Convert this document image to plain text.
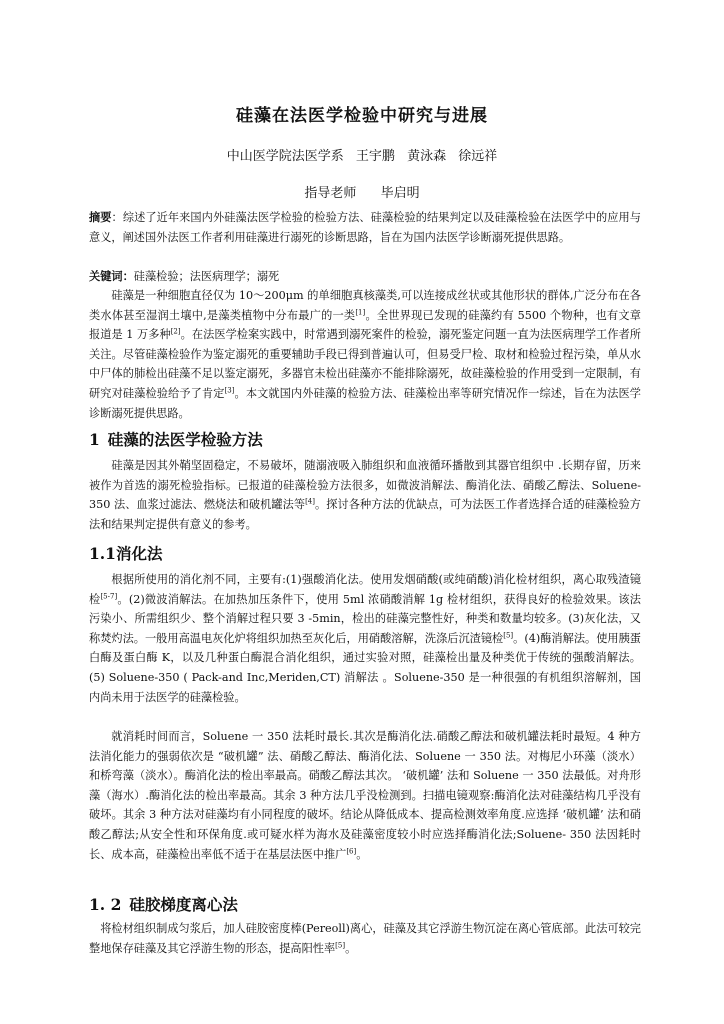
硅藻在法医学检验中研究与进展
中山医学院法医学系 王宇鹏 黄泳森 徐远祥
指导老师 毕启明
摘要：综述了近年来国内外硅藻法医学检验的检验方法、硅藻检验的结果判定以及硅藻检验在法医学中的应用与意义，阐述国外法医工作者利用硅藻进行溺死的诊断思路，旨在为国内法医学诊断溺死提供思路。
关键词：硅藻检验；法医病理学；溺死
硅藻是一种细胞直径仅为 10～200μm 的单细胞真核藻类,可以连接成丝状或其他形状的群体,广泛分布在各类水体甚至湿润土壤中,是藻类植物中分布最广的一类[1]。全世界现已发现的硅藻约有 5500 个物种，也有文章报道是 1 万多种[2]。在法医学检案实践中，时常遇到溺死案件的检验，溺死鉴定问题一直为法医病理学工作者所关注。尽管硅藻检验作为鉴定溺死的重要辅助手段已得到普遍认可，但易受尸检、取材和检验过程污染，单从水中尸体的肺检出硅藻不足以鉴定溺死，多器官未检出硅藻亦不能排除溺死，故硅藻检验的作用受到一定限制，有研究对硅藻检验给予了肯定[3]。本文就国内外硅藻的检验方法、硅藻检出率等研究情况作一综述，旨在为法医学诊断溺死提供思路。
1 硅藻的法医学检验方法
硅藻是因其外鞘坚固稳定，不易破坏，随溺液吸入肺组织和血液循环播散到其器官组织中 .长期存留，历来被作为首选的溺死检验指标。已报道的硅藻检验方法很多，如微波消解法、酶消化法、硝酸乙醇法、Soluene- 350 法、血浆过滤法、燃烧法和破机罐法等[4]。探讨各种方法的优缺点，可为法医工作者选择合适的硅藻检验方法和结果判定提供有意义的参考。
1.1消化法
根据所使用的消化剂不同，主要有:(1)强酸消化法。使用发烟硝酸(或纯硝酸)消化检材组织，离心取残渣镜检[5-7]。(2)微波消解法。在加热加压条件下，使用 5ml 浓硝酸消解 1g 检材组织，获得良好的检验效果。该法污染小、所需组织少、整个消解过程只要 3 -5min，检出的硅藻完整性好，种类和数量均较多。(3)灰化法，又称焚灼法。一般用高温电灰化炉将组织加热至灰化后，用硝酸溶解，洗涤后沉渣镜检[5]。(4)酶消解法。使用胰蛋白酶及蛋白酶 K，以及几种蛋白酶混合消化组织，通过实验对照，硅藻检出量及种类优于传统的强酸消解法。 (5) Soluene-350 ( Pack-and Inc,Meriden,CT) 消解法 。Soluene-350 是一种很强的有机组织溶解剂，国内尚未用于法医学的硅藻检验。
就消耗时间而言，Soluene 一 350 法耗时最长.其次是酶消化法.硝酸乙醇法和破机罐法耗时最短。4 种方法消化能力的强弱依次是 “破机罐” 法、硝酸乙醇法、酶消化法、Soluene 一 350 法。对梅尼小环藻（淡水）和桥弯藻（淡水）。酶消化法的检出率最高。硝酸乙醇法其次。 ‘破机罐’ 法和 Soluene 一 350 法最低。对舟形藻（海水）.酶消化法的检出率最高。其余 3 种方法几乎没检测到。扫描电镜观察:酶消化法对硅藻结构几乎没有破坏。其余 3 种方法对硅藻均有小同程度的破坏。结论从降低成本、提高检测效率角度.应选择 ‘破机罐’ 法和硝酸乙醇法;从安全性和环保角度.或可疑水样为海水及硅藻密度较小时应选择酶消化法;Soluene- 350 法因耗时长、成本高，硅藻检出率低不适于在基层法医中推广[6]。
1. 2 硅胶梯度离心法
将检材组织制成匀浆后，加人硅胶密度棒(Pereoll)离心，硅藻及其它浮游生物沉淀在离心管底部。此法可较完整地保存硅藻及其它浮游生物的形态，提高阳性率[5]。
